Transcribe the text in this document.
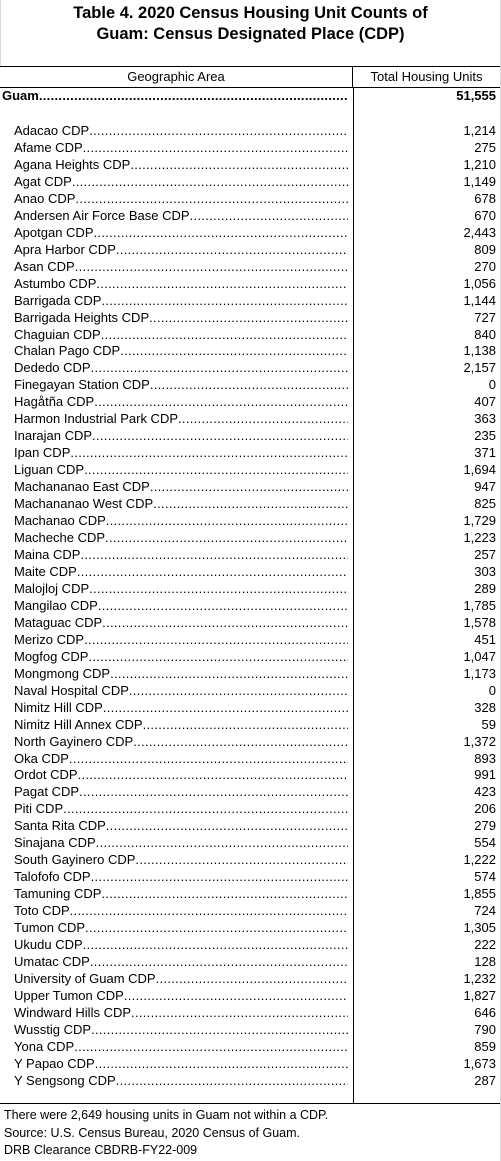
Table 4. 2020 Census Housing Unit Counts of
Guam: Census Designated Place (CDP)
Geographic Area	Total Housing Units
Guam .....	51,555
Adacao CDP .....	1,214
Afame CDP .....	275
Agana Heights CDP .....	1,210
Agat CDP .....	1,149
Anao CDP .....	678
Andersen Air Force Base CDP .....	670
Apotgan CDP .....	2,443
Apra Harbor CDP .....	809
Asan CDP .....	270
Astumbo CDP .....	1,056
Barrigada CDP .....	1,144
Barrigada Heights CDP .....	727
Chaguian CDP .....	840
Chalan Pago CDP .....	1,138
Dededo CDP .....	2,157
Finegayan Station CDP .....	0
Hagåtña CDP .....	407
Harmon Industrial Park CDP .....	363
Inarajan CDP .....	235
Ipan CDP .....	371
Liguan CDP .....	1,694
Machananao East CDP .....	947
Machananao West CDP .....	825
Machanao CDP .....	1,729
Macheche CDP .....	1,223
Maina CDP .....	257
Maite CDP .....	303
Malojloj CDP .....	289
Mangilao CDP .....	1,785
Mataguac CDP .....	1,578
Merizo CDP .....	451
Mogfog CDP .....	1,047
Mongmong CDP .....	1,173
Naval Hospital CDP .....	0
Nimitz Hill CDP .....	328
Nimitz Hill Annex CDP .....	59
North Gayinero CDP .....	1,372
Oka CDP .....	893
Ordot CDP .....	991
Pagat CDP .....	423
Piti CDP .....	206
Santa Rita CDP .....	279
Sinajana CDP .....	554
South Gayinero CDP .....	1,222
Talofofo CDP .....	574
Tamuning CDP .....	1,855
Toto CDP .....	724
Tumon CDP .....	1,305
Ukudu CDP .....	222
Umatac CDP .....	128
University of Guam CDP .....	1,232
Upper Tumon CDP .....	1,827
Windward Hills CDP .....	646
Wusstig CDP .....	790
Yona CDP .....	859
Y Papao CDP .....	1,673
Y Sengsong CDP .....	287
There were 2,649 housing units in Guam not within a CDP.
Source: U.S. Census Bureau, 2020 Census of Guam.
DRB Clearance CBDRB-FY22-009
